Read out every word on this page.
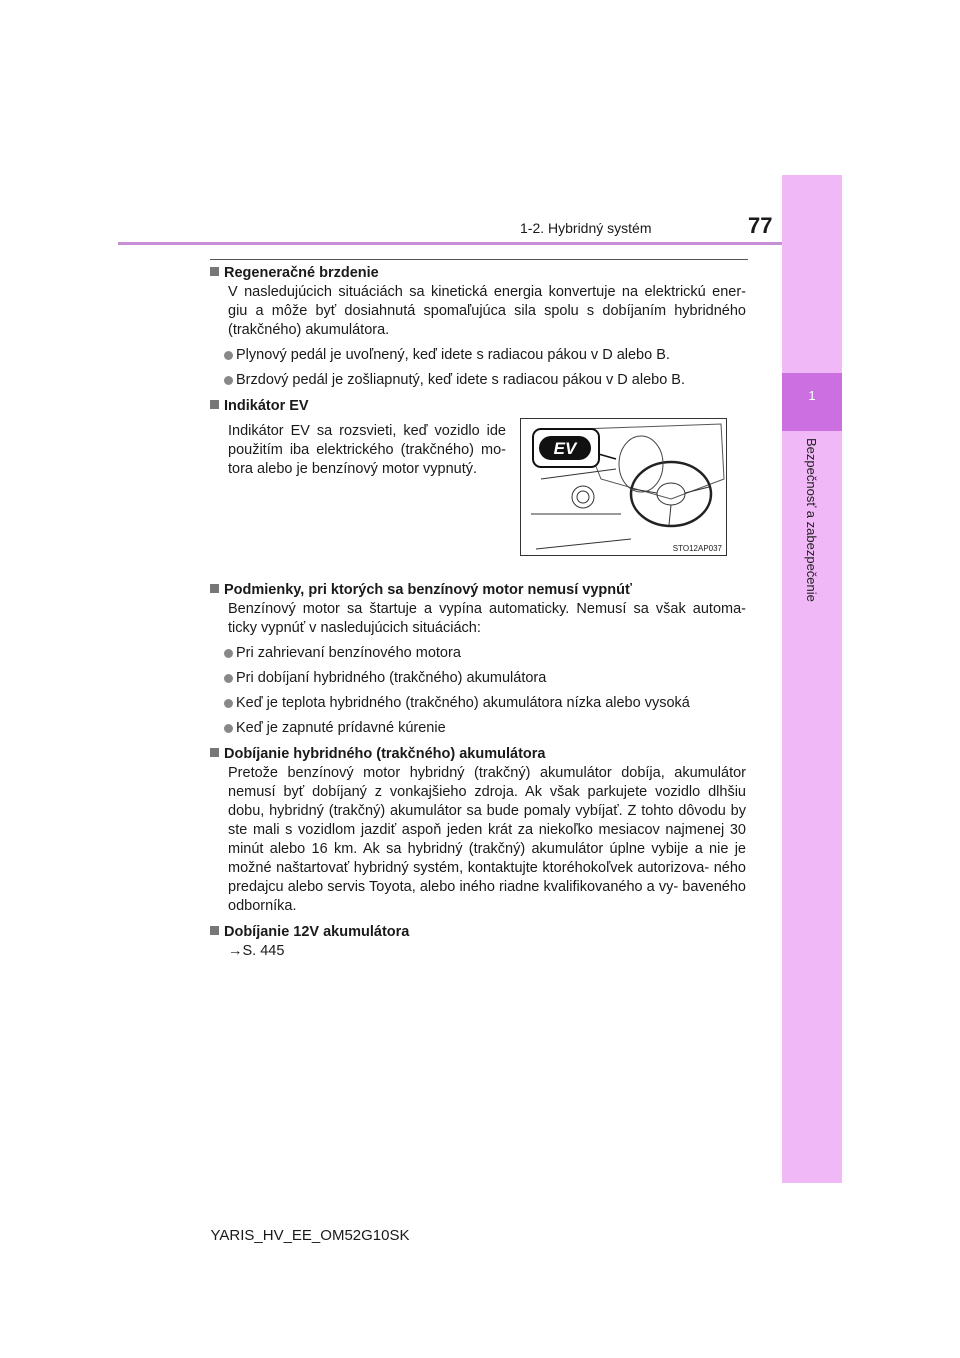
1-2. Hybridný systém	77
1
Bezpečnosť a zabezpečenie
Regeneračné brzdenie
V nasledujúcich situáciách sa kinetická energia konvertuje na elektrickú ener- giu a môže byť dosiahnutá spomaľujúca sila spolu s dobíjaním hybridného (trakčného) akumulátora.
Plynový pedál je uvoľnený, keď idete s radiacou pákou v D alebo B.
Brzdový pedál je zošliapnutý, keď idete s radiacou pákou v D alebo B.
Indikátor EV
Indikátor EV sa rozsvieti, keď vozidlo ide použitím iba elektrického (trakčného) mo- tora alebo je benzínový motor vypnutý.
Podmienky, pri ktorých sa benzínový motor nemusí vypnúť
Benzínový motor sa štartuje a vypína automaticky. Nemusí sa však automa- ticky vypnúť v nasledujúcich situáciách:
Pri zahrievaní benzínového motora
Pri dobíjaní hybridného (trakčného) akumulátora
Keď je teplota hybridného (trakčného) akumulátora nízka alebo vysoká
Keď je zapnuté prídavné kúrenie
Dobíjanie hybridného (trakčného) akumulátora
Pretože benzínový motor hybridný (trakčný) akumulátor dobíja, akumulátor nemusí byť dobíjaný z vonkajšieho zdroja. Ak však parkujete vozidlo dlhšiu dobu, hybridný (trakčný) akumulátor sa bude pomaly vybíjať. Z tohto dôvodu by ste mali s vozidlom jazdiť aspoň jeden krát za niekoľko mesiacov najmenej 30 minút alebo 16 km. Ak sa hybridný (trakčný) akumulátor úplne vybije a nie je možné naštartovať hybridný systém, kontaktujte ktoréhokoľvek autorizova- ného predajcu alebo servis Toyota, alebo iného riadne kvalifikovaného a vy- baveného odborníka.
Dobíjanie 12V akumulátora
→S. 445
EV
STO12AP037
YARIS_HV_EE_OM52G10SK
